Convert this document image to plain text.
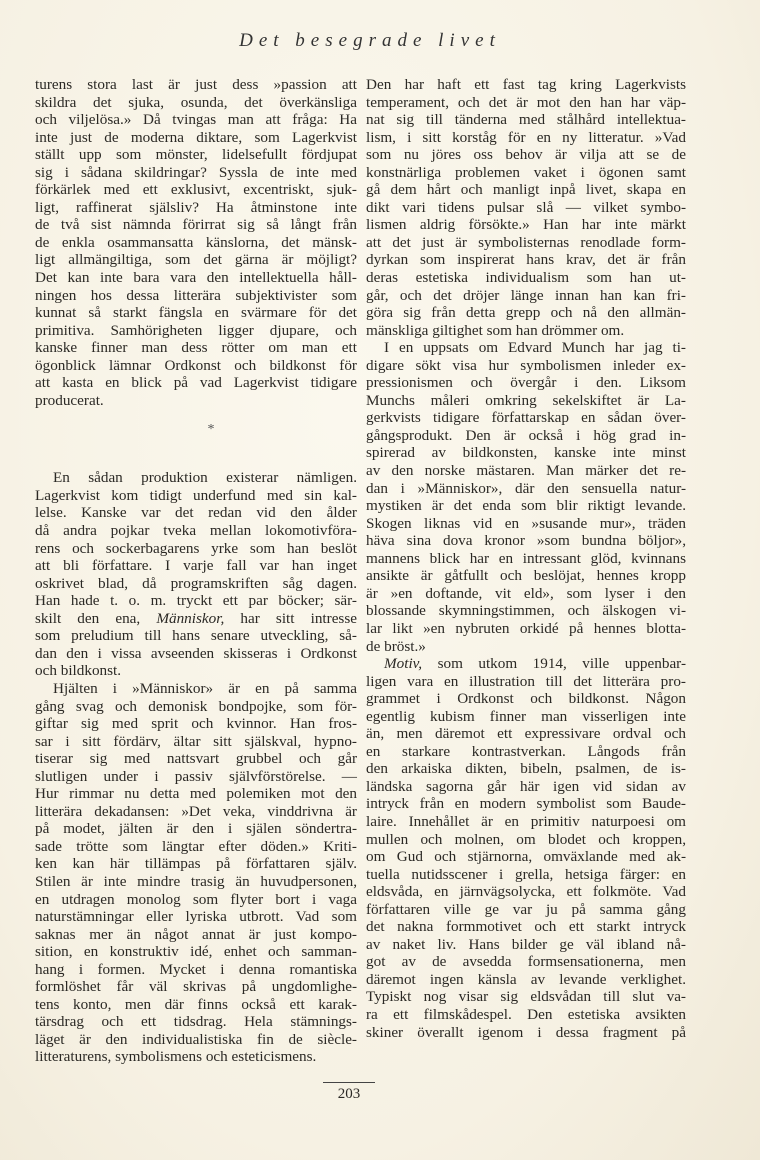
Det besegrade livet
turens stora last är just dess »passion att
skildra det sjuka, osunda, det överkänsliga
och viljelösa.» Då tvingas man att fråga: Ha
inte just de moderna diktare, som Lagerkvist
ställt upp som mönster, lidelsefullt fördjupat
sig i sådana skildringar? Syssla de inte med
förkärlek med ett exklusivt, excentriskt, sjuk-
ligt, raffinerat själsliv? Ha åtminstone inte
de två sist nämnda förirrat sig så långt från
de enkla osammansatta känslorna, det mänsk-
ligt allmängiltiga, som det gärna är möjligt?
Det kan inte bara vara den intellektuella håll-
ningen hos dessa litterära subjektivister som
kunnat så starkt fängsla en svärmare för det
primitiva. Samhörigheten ligger djupare, och
kanske finner man dess rötter om man ett
ögonblick lämnar Ordkonst och bildkonst för
att kasta en blick på vad Lagerkvist tidigare
producerat.
*
En sådan produktion existerar nämligen.
Lagerkvist kom tidigt underfund med sin kal-
lelse. Kanske var det redan vid den ålder
då andra pojkar tveka mellan lokomotivföra-
rens och sockerbagarens yrke som han beslöt
att bli författare. I varje fall var han inget
oskrivet blad, då programskriften såg dagen.
Han hade t. o. m. tryckt ett par böcker; sär-
skilt den ena, Människor, har sitt intresse
som preludium till hans senare utveckling, så-
dan den i vissa avseenden skisseras i Ordkonst
och bildkonst.
Hjälten i »Människor» är en på samma
gång svag och demonisk bondpojke, som för-
giftar sig med sprit och kvinnor. Han fros-
sar i sitt fördärv, ältar sitt själskval, hypno-
tiserar sig med nattsvart grubbel och går
slutligen under i passiv självförstörelse. —
Hur rimmar nu detta med polemiken mot den
litterära dekadansen: »Det veka, vinddrivna är
på modet, jälten är den i själen söndertra-
sade trötte som längtar efter döden.» Kriti-
ken kan här tillämpas på författaren själv.
Stilen är inte mindre trasig än huvudpersonen,
en utdragen monolog som flyter bort i vaga
naturstämningar eller lyriska utbrott. Vad som
saknas mer än något annat är just kompo-
sition, en konstruktiv idé, enhet och samman-
hang i formen. Mycket i denna romantiska
formlöshet får väl skrivas på ungdomlighe-
tens konto, men där finns också ett karak-
tärsdrag och ett tidsdrag. Hela stämnings-
läget är den individualistiska fin de siècle-
litteraturens, symbolismens och esteticismens.
Den har haft ett fast tag kring Lagerkvists
temperament, och det är mot den han har väp-
nat sig till tänderna med stålhård intellektua-
lism, i sitt korståg för en ny litteratur. »Vad
som nu jöres oss behov är vilja att se de
konstnärliga problemen vaket i ögonen samt
gå dem hårt och manligt inpå livet, skapa en
dikt vari tidens pulsar slå — vilket symbo-
lismen aldrig försökte.» Han har inte märkt
att det just är symbolisternas renodlade form-
dyrkan som inspirerat hans krav, det är från
deras estetiska individualism som han ut-
går, och det dröjer länge innan han kan fri-
göra sig från detta grepp och nå den allmän-
mänskliga giltighet som han drömmer om.
I en uppsats om Edvard Munch har jag ti-
digare sökt visa hur symbolismen inleder ex-
pressionismen och övergår i den. Liksom
Munchs måleri omkring sekelskiftet är La-
gerkvists tidigare författarskap en sådan över-
gångsprodukt. Den är också i hög grad in-
spirerad av bildkonsten, kanske inte minst
av den norske mästaren. Man märker det re-
dan i »Människor», där den sensuella natur-
mystiken är det enda som blir riktigt levande.
Skogen liknas vid en »susande mur», träden
häva sina dova kronor »som bundna böljor»,
mannens blick har en intressant glöd, kvinnans
ansikte är gåtfullt och beslöjat, hennes kropp
är »en doftande, vit eld», som lyser i den
blossande skymningstimmen, och älskogen vi-
lar likt »en nybruten orkidé på hennes blotta-
de bröst.»
Motiv, som utkom 1914, ville uppenbar-
ligen vara en illustration till det litterära pro-
grammet i Ordkonst och bildkonst. Någon
egentlig kubism finner man visserligen inte
än, men däremot ett expressivare ordval och
en starkare kontrastverkan. Långods från
den arkaiska dikten, bibeln, psalmen, de is-
ländska sagorna går här igen vid sidan av
intryck från en modern symbolist som Baude-
laire. Innehållet är en primitiv naturpoesi om
mullen och molnen, om blodet och kroppen,
om Gud och stjärnorna, omväxlande med ak-
tuella nutidsscener i grella, hetsiga färger: en
eldsvåda, en järnvägsolycka, ett folkmöte. Vad
författaren ville ge var ju på samma gång
det nakna formmotivet och ett starkt intryck
av naket liv. Hans bilder ge väl ibland nå-
got av de avsedda formsensationerna, men
däremot ingen känsla av levande verklighet.
Typiskt nog visar sig eldsvådan till slut va-
ra ett filmskådespel. Den estetiska avsikten
skiner överallt igenom i dessa fragment på
203
